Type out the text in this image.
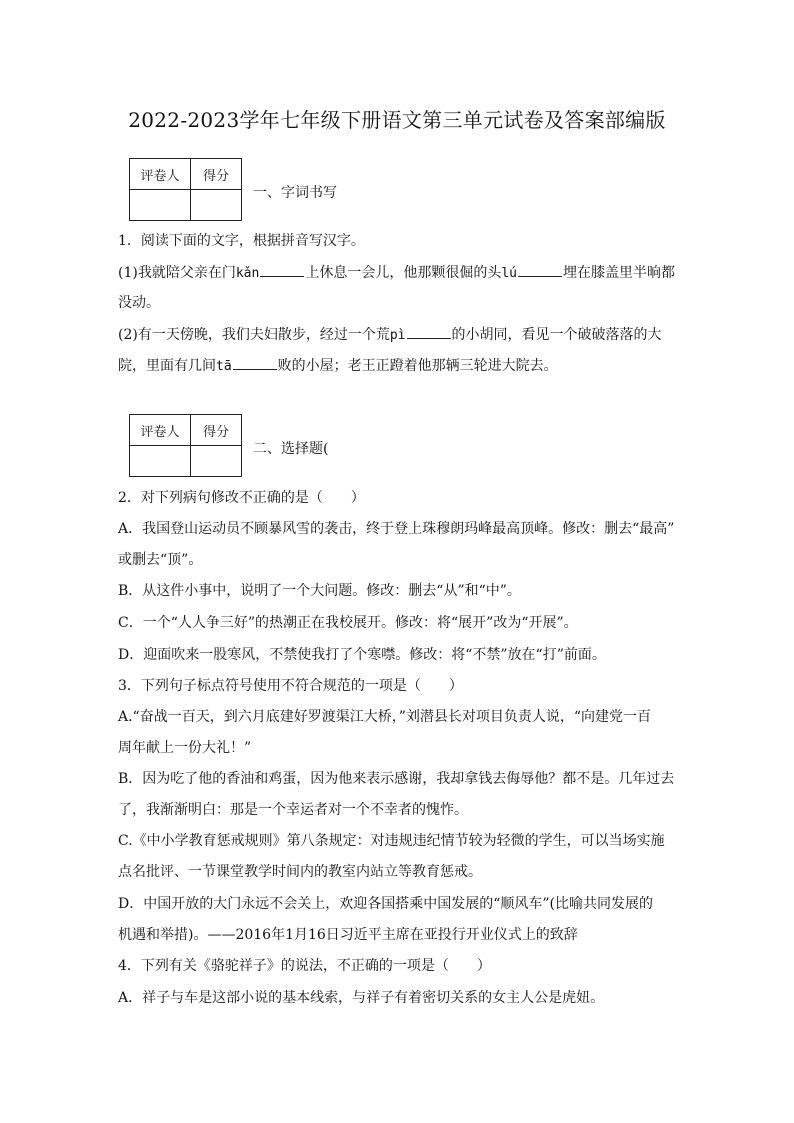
2022-2023学年七年级下册语文第三单元试卷及答案部编版
评卷人	得分

一、字词书写
1．阅读下面的文字，根据拼音写汉字。
(1)我就陪父亲在门kǎn	上休息一会儿，他那颗很倔的头lú	埋在膝盖里半晌都
没动。
(2)有一天傍晚，我们夫妇散步，经过一个荒pì	的小胡同，看见一个破破落落的大
院，里面有几间tā	败的小屋；老王正蹬着他那辆三轮进大院去。
评卷人	得分

二、选择题(
2．对下列病句修改不正确的是（　　）
A．我国登山运动员不顾暴风雪的袭击，终于登上珠穆朗玛峰最高顶峰。修改：删去“最高”
或删去“顶”。
B．从这件小事中，说明了一个大问题。修改：删去“从”和“中”。
C．一个“人人争三好”的热潮正在我校展开。修改：将“展开”改为“开展”。
D．迎面吹来一股寒风，不禁使我打了个寒噤。修改：将“不禁”放在“打”前面。
3．下列句子标点符号使用不符合规范的一项是（　　）
A.“奋战一百天，到六月底建好罗渡渠江大桥，”刘潜县长对项目负责人说，“向建党一百
周年献上一份大礼！”
B．因为吃了他的香油和鸡蛋，因为他来表示感谢，我却拿钱去侮辱他？都不是。几年过去
了，我渐渐明白：那是一个幸运者对一个不幸者的愧怍。
C.《中小学教育惩戒规则》第八条规定：对违规违纪情节较为轻微的学生，可以当场实施
点名批评、一节课堂教学时间内的教室内站立等教育惩戒。
D．中国开放的大门永远不会关上，欢迎各国搭乘中国发展的“顺风车”(比喻共同发展的
机遇和举措)。——2016年1月16日习近平主席在亚投行开业仪式上的致辞
4．下列有关《骆驼祥子》的说法，不正确的一项是（　　）
A．祥子与车是这部小说的基本线索，与祥子有着密切关系的女主人公是虎妞。
